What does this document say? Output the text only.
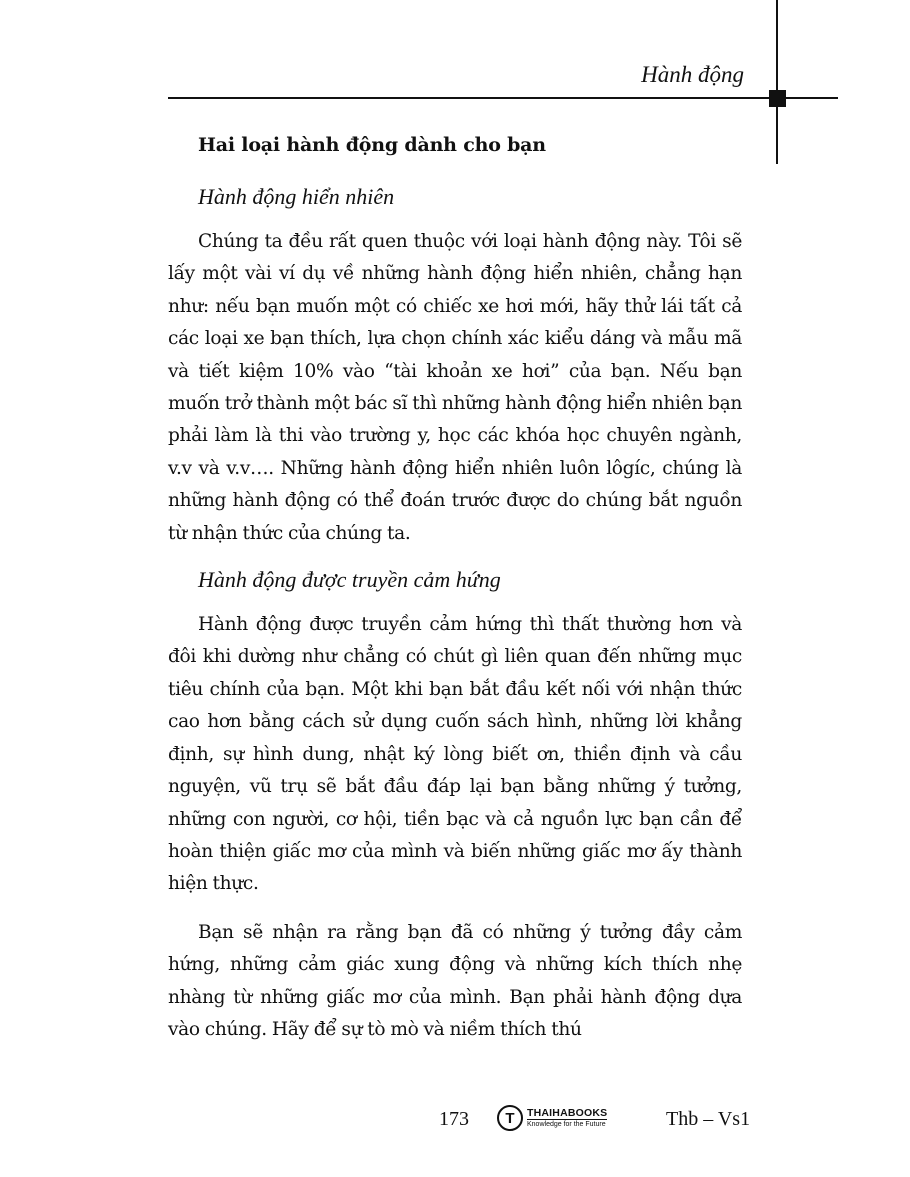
Hành động
Hai loại hành động dành cho bạn
Hành động hiển nhiên

Chúng ta đều rất quen thuộc với loại hành động này. Tôi sẽ lấy một vài ví dụ về những hành động hiển nhiên, chẳng hạn như: nếu bạn muốn một có chiếc xe hơi mới, hãy thử lái tất cả các loại xe bạn thích, lựa chọn chính xác kiểu dáng và mẫu mã và tiết kiệm 10% vào “tài khoản xe hơi” của bạn. Nếu bạn muốn trở thành một bác sĩ thì những hành động hiển nhiên bạn phải làm là thi vào trường y, học các khóa học chuyên ngành, v.v và v.v…. Những hành động hiển nhiên luôn lôgíc, chúng là những hành động có thể đoán trước được do chúng bắt nguồn từ nhận thức của chúng ta.

Hành động được truyền cảm hứng

Hành động được truyền cảm hứng thì thất thường hơn và đôi khi dường như chẳng có chút gì liên quan đến những mục tiêu chính của bạn. Một khi bạn bắt đầu kết nối với nhận thức cao hơn bằng cách sử dụng cuốn sách hình, những lời khẳng định, sự hình dung, nhật ký lòng biết ơn, thiền định và cầu nguyện, vũ trụ sẽ bắt đầu đáp lại bạn bằng những ý tưởng, những con người, cơ hội, tiền bạc và cả nguồn lực bạn cần để hoàn thiện giấc mơ của mình và biến những giấc mơ ấy thành hiện thực.

Bạn sẽ nhận ra rằng bạn đã có những ý tưởng đầy cảm hứng, những cảm giác xung động và những kích thích nhẹ nhàng từ những giấc mơ của mình. Bạn phải hành động dựa vào chúng. Hãy để sự tò mò và niềm thích thú

173	T	THAIHABOOKS
Knowledge for the Future	Thb – Vs1
